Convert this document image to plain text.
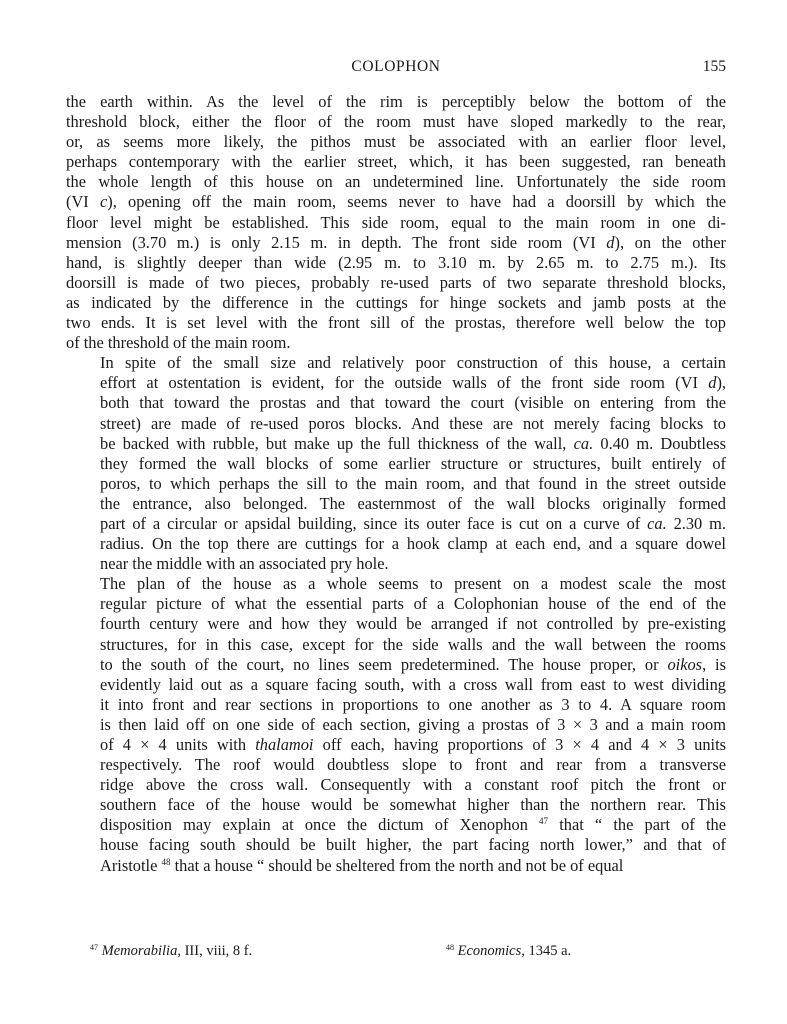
COLOPHON	155

the earth within. As the level of the rim is perceptibly below the bottom of the
threshold block, either the floor of the room must have sloped markedly to the rear,
or, as seems more likely, the pithos must be associated with an earlier floor level,
perhaps contemporary with the earlier street, which, it has been suggested, ran beneath
the whole length of this house on an undetermined line. Unfortunately the side room
(VI c), opening off the main room, seems never to have had a doorsill by which the
floor level might be established. This side room, equal to the main room in one di-
mension (3.70 m.) is only 2.15 m. in depth. The front side room (VI d), on the other
hand, is slightly deeper than wide (2.95 m. to 3.10 m. by 2.65 m. to 2.75 m.). Its
doorsill is made of two pieces, probably re-used parts of two separate threshold blocks,
as indicated by the difference in the cuttings for hinge sockets and jamb posts at the
two ends. It is set level with the front sill of the prostas, therefore well below the top
of the threshold of the main room.

In spite of the small size and relatively poor construction of this house, a certain
effort at ostentation is evident, for the outside walls of the front side room (VI d),
both that toward the prostas and that toward the court (visible on entering from the
street) are made of re-used poros blocks. And these are not merely facing blocks to
be backed with rubble, but make up the full thickness of the wall, ca. 0.40 m. Doubtless
they formed the wall blocks of some earlier structure or structures, built entirely of
poros, to which perhaps the sill to the main room, and that found in the street outside
the entrance, also belonged. The easternmost of the wall blocks originally formed
part of a circular or apsidal building, since its outer face is cut on a curve of ca. 2.30 m.
radius. On the top there are cuttings for a hook clamp at each end, and a square dowel
near the middle with an associated pry hole.

The plan of the house as a whole seems to present on a modest scale the most
regular picture of what the essential parts of a Colophonian house of the end of the
fourth century were and how they would be arranged if not controlled by pre-existing
structures, for in this case, except for the side walls and the wall between the rooms
to the south of the court, no lines seem predetermined. The house proper, or oikos, is
evidently laid out as a square facing south, with a cross wall from east to west dividing
it into front and rear sections in proportions to one another as 3 to 4. A square room
is then laid off on one side of each section, giving a prostas of 3 × 3 and a main room
of 4 × 4 units with thalamoi off each, having proportions of 3 × 4 and 4 × 3 units
respectively. The roof would doubtless slope to front and rear from a transverse
ridge above the cross wall. Consequently with a constant roof pitch the front or
southern face of the house would be somewhat higher than the northern rear. This
disposition may explain at once the dictum of Xenophon $^{47}$ that “ the part of the
house facing south should be built higher, the part facing north lower,” and that of
Aristotle $^{48}$ that a house “ should be sheltered from the north and not be of equal

$^{47}$ Memorabilia, III, viii, 8 f.	$^{48}$ Economics, 1345 a.
